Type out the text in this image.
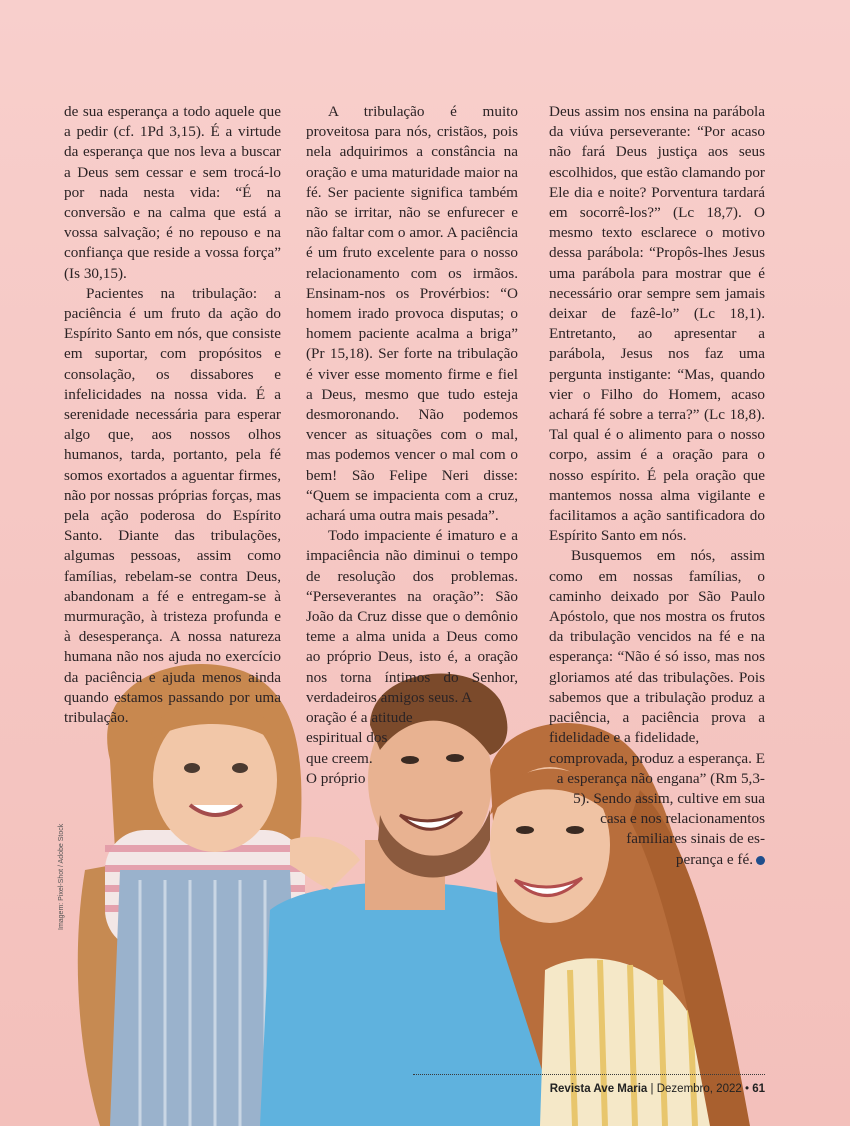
de sua esperança a todo aquele que a pedir (cf. 1Pd 3,15). É a virtude da esperança que nos leva a buscar a Deus sem cessar e sem trocá-lo por nada nesta vida: “É na conversão e na calma que está a vossa salvação; é no repouso e na confiança que reside a vossa força” (Is 30,15).

Pacientes na tribulação: a paciência é um fruto da ação do Espírito Santo em nós, que consiste em suportar, com propósitos e consolação, os dissabores e infelicidades na nossa vida. É a serenidade necessária para esperar algo que, aos nossos olhos humanos, tarda, portanto, pela fé somos exortados a aguentar firmes, não por nossas próprias forças, mas pela ação poderosa do Espírito Santo. Diante das tribulações, algumas pessoas, assim como famílias, rebelam-se contra Deus, abandonam a fé e entregam-se à murmuração, à tristeza profunda e à desesperança. A nossa natureza humana não nos ajuda no exercício da paciência e ajuda menos ainda quando estamos passando por uma tribulação.

A tribulação é muito proveitosa para nós, cristãos, pois nela adquirimos a constância na oração e uma maturidade maior na fé. Ser paciente significa também não se irritar, não se enfurecer e não faltar com o amor. A paciência é um fruto excelente para o nosso relacionamento com os irmãos. Ensinam-nos os Provérbios: “O homem irado provoca disputas; o homem paciente acalma a briga” (Pr 15,18). Ser forte na tribulação é viver esse momento firme e fiel a Deus, mesmo que tudo esteja desmoronando. Não podemos vencer as situações com o mal, mas podemos vencer o mal com o bem! São Felipe Neri disse: “Quem se impacienta com a cruz, achará uma outra mais pesada”.

Todo impaciente é imaturo e a impaciência não diminui o tempo de resolução dos problemas. “Perseverantes na oração”: São João da Cruz disse que o demônio teme a alma unida a Deus como ao próprio Deus, isto é, a oração nos torna íntimos do Senhor, verdadeiros amigos seus. A

oração é a atitude
espiritual dos
que creem.
O próprio

Deus assim nos ensina na parábola da viúva perseverante: “Por acaso não fará Deus justiça aos seus escolhidos, que estão clamando por Ele dia e noite? Porventura tardará em socorrê-los?” (Lc 18,7). O mesmo texto esclarece o motivo dessa parábola: “Propôs-lhes Jesus uma parábola para mostrar que é necessário orar sempre sem jamais deixar de fazê-lo” (Lc 18,1). Entretanto, ao apresentar a parábola, Jesus nos faz uma pergunta instigante: “Mas, quando vier o Filho do Homem, acaso achará fé sobre a terra?” (Lc 18,8). Tal qual é o alimento para o nosso corpo, assim é a oração para o nosso espírito. É pela oração que mantemos nossa alma vigilante e facilitamos a ação santificadora do Espírito Santo em nós.

Busquemos em nós, assim como em nossas famílias, o caminho deixado por São Paulo Apóstolo, que nos mostra os frutos da tribulação vencidos na fé e na esperança: “Não é só isso, mas nos gloriamos até das tribulações. Pois sabemos que a tribulação produz a paciência, a paciência prova a fidelidade e a fidelidade,

comprovada, produz a esperança. E
a esperança não engana” (Rm 5,3-
5). Sendo assim, cultive em sua
casa e nos relacionamentos
familiares sinais de es-
perança e fé.
Imagem: Pixel-Shot / Adobe Stock
Revista Ave Maria | Dezembro, 2022 • 61
